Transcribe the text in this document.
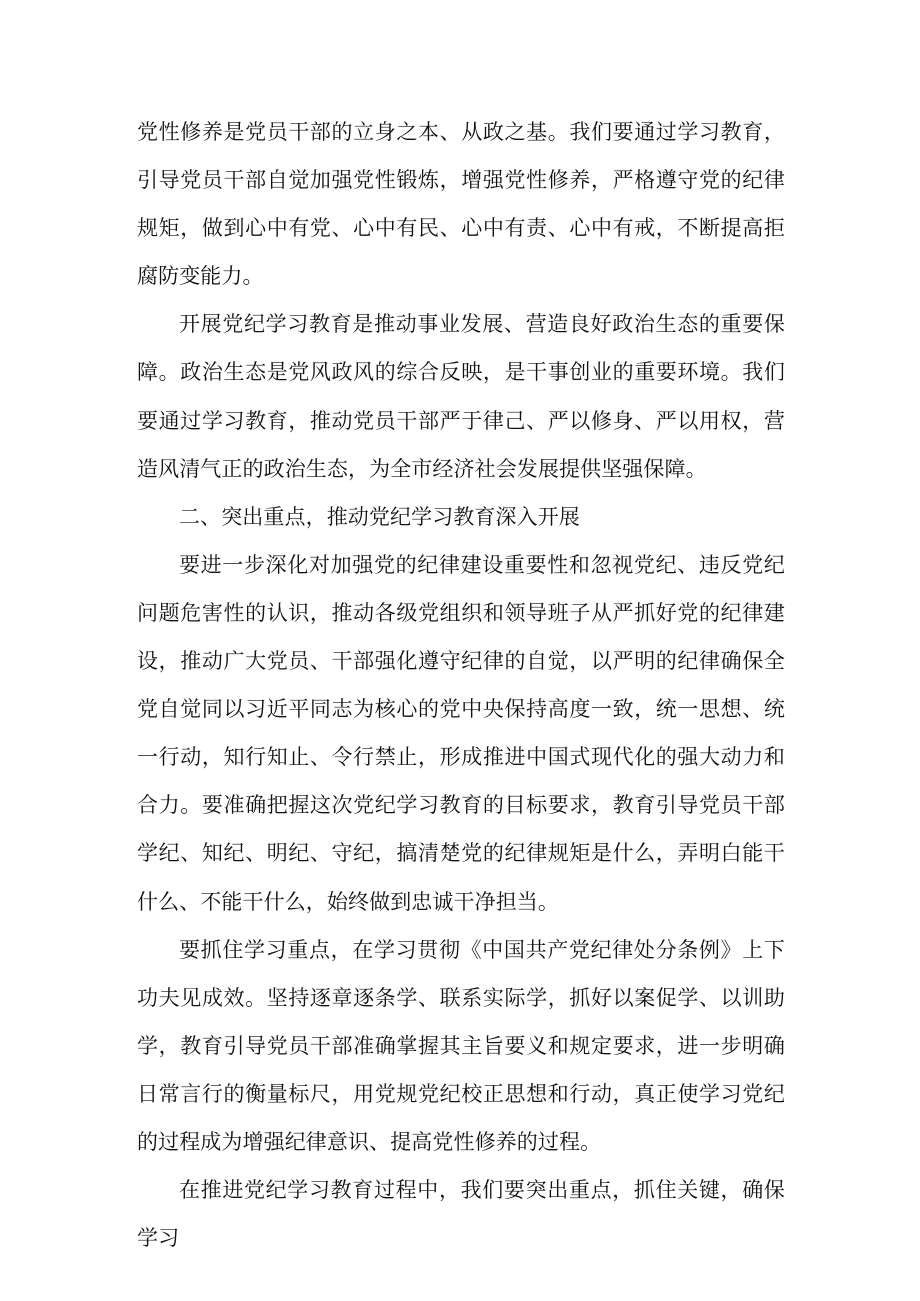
党性修养是党员干部的立身之本、从政之基。我们要通过学习教育，引导党员干部自觉加强党性锻炼，增强党性修养，严格遵守党的纪律规矩，做到心中有党、心中有民、心中有责、心中有戒，不断提高拒腐防变能力。

开展党纪学习教育是推动事业发展、营造良好政治生态的重要保障。政治生态是党风政风的综合反映，是干事创业的重要环境。我们要通过学习教育，推动党员干部严于律己、严以修身、严以用权，营造风清气正的政治生态，为全市经济社会发展提供坚强保障。

二、突出重点，推动党纪学习教育深入开展

要进一步深化对加强党的纪律建设重要性和忽视党纪、违反党纪问题危害性的认识，推动各级党组织和领导班子从严抓好党的纪律建设，推动广大党员、干部强化遵守纪律的自觉，以严明的纪律确保全党自觉同以习近平同志为核心的党中央保持高度一致，统一思想、统一行动，知行知止、令行禁止，形成推进中国式现代化的强大动力和合力。要准确把握这次党纪学习教育的目标要求，教育引导党员干部学纪、知纪、明纪、守纪，搞清楚党的纪律规矩是什么，弄明白能干什么、不能干什么，始终做到忠诚干净担当。

要抓住学习重点，在学习贯彻《中国共产党纪律处分条例》上下功夫见成效。坚持逐章逐条学、联系实际学，抓好以案促学、以训助学，教育引导党员干部准确掌握其主旨要义和规定要求，进一步明确日常言行的衡量标尺，用党规党纪校正思想和行动，真正使学习党纪的过程成为增强纪律意识、提高党性修养的过程。

在推进党纪学习教育过程中，我们要突出重点，抓住关键，确保学习
